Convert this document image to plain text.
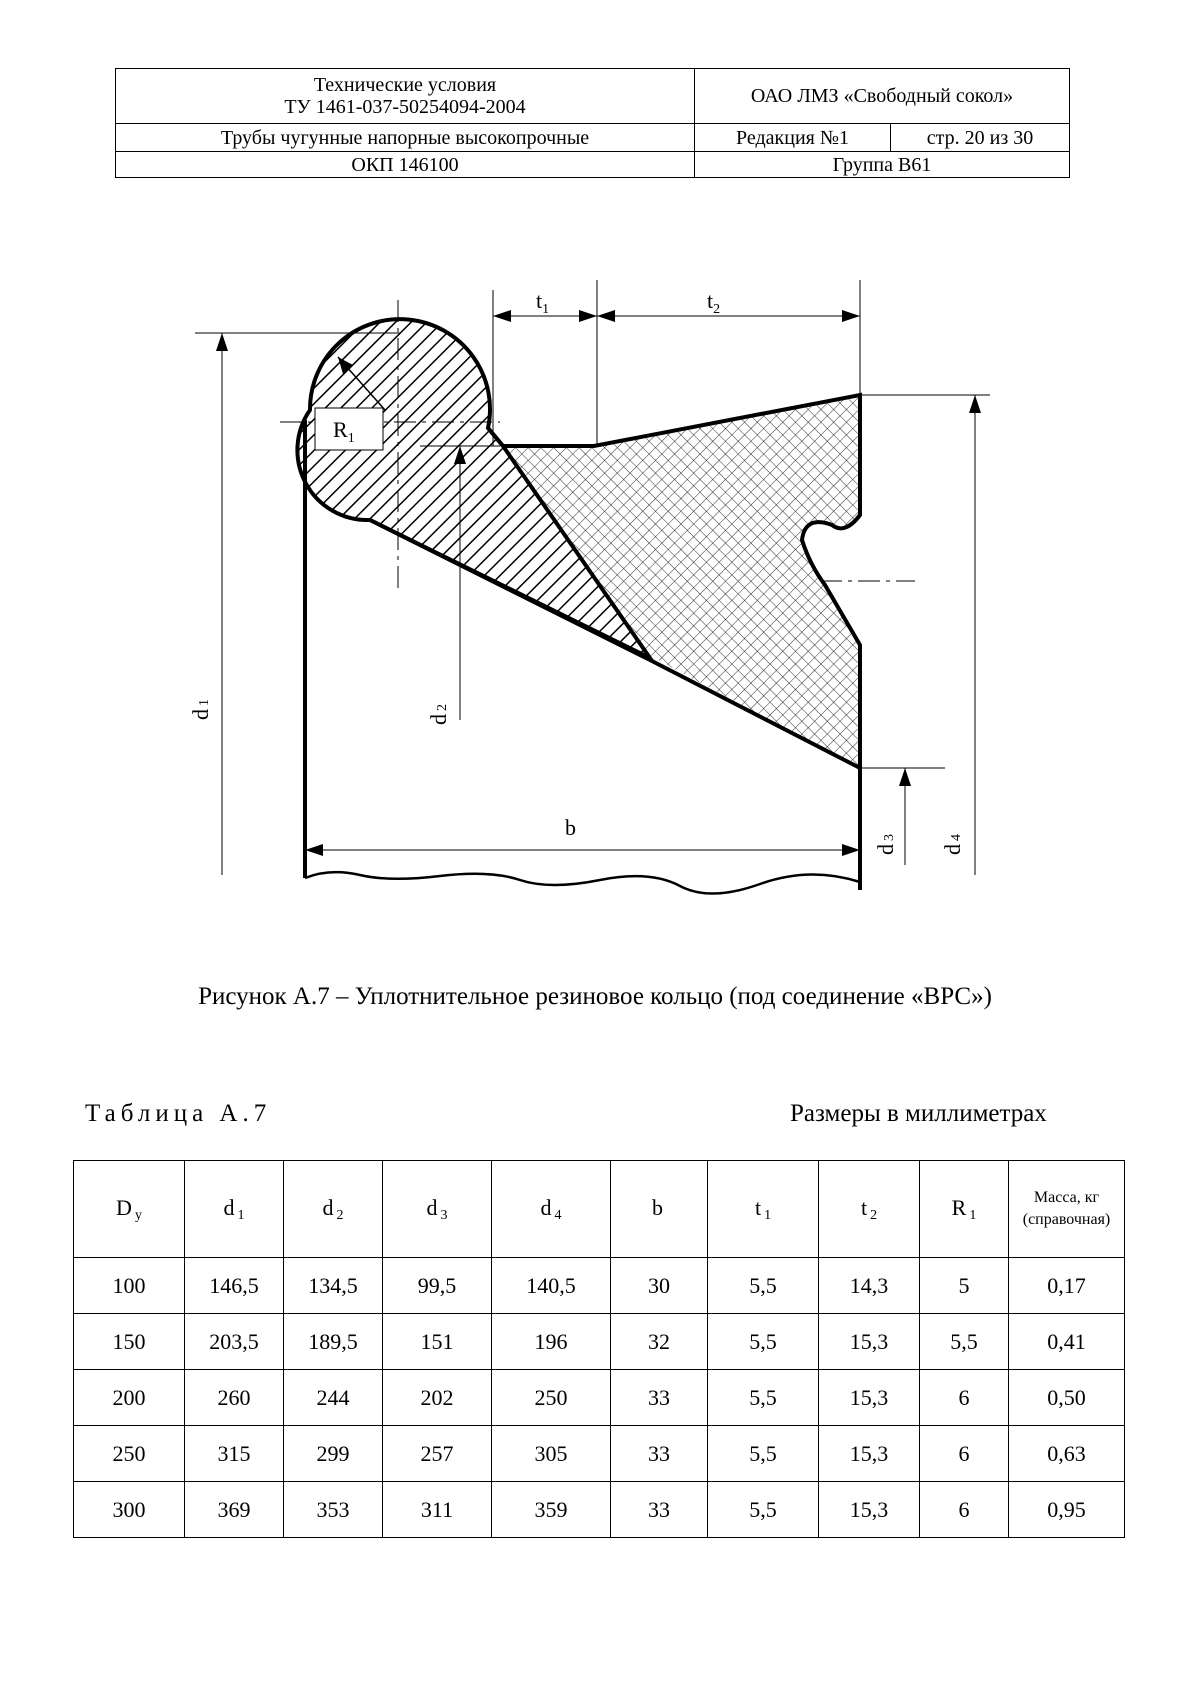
Технические условия
ТУ 1461-037-50254094-2004	ОАО ЛМЗ «Свободный сокол»	
Трубы чугунные напорные высокопрочные	Редакция №1	стр. 20 из 30
ОКП 146100	Группа В61	
$t_1$	$t_2$
$R_1$
b
d1
d2
d3
d4
Рисунок А.7 – Уплотнительное резиновое кольцо (под соединение «ВРС»)
Таблица А.7	Размеры в миллиметрах
D $_у$	d $_1$	d $_2$	d $_3$	d $_4$	b	t $_1$	t $_2$	R $_1$	Масса, кг
(справочная)

100	146,5	134,5	99,5	140,5	30	5,5	14,3	5	0,17
150	203,5	189,5	151	196	32	5,5	15,3	5,5	0,41
200	260	244	202	250	33	5,5	15,3	6	0,50
250	315	299	257	305	33	5,5	15,3	6	0,63
300	369	353	311	359	33	5,5	15,3	6	0,95
